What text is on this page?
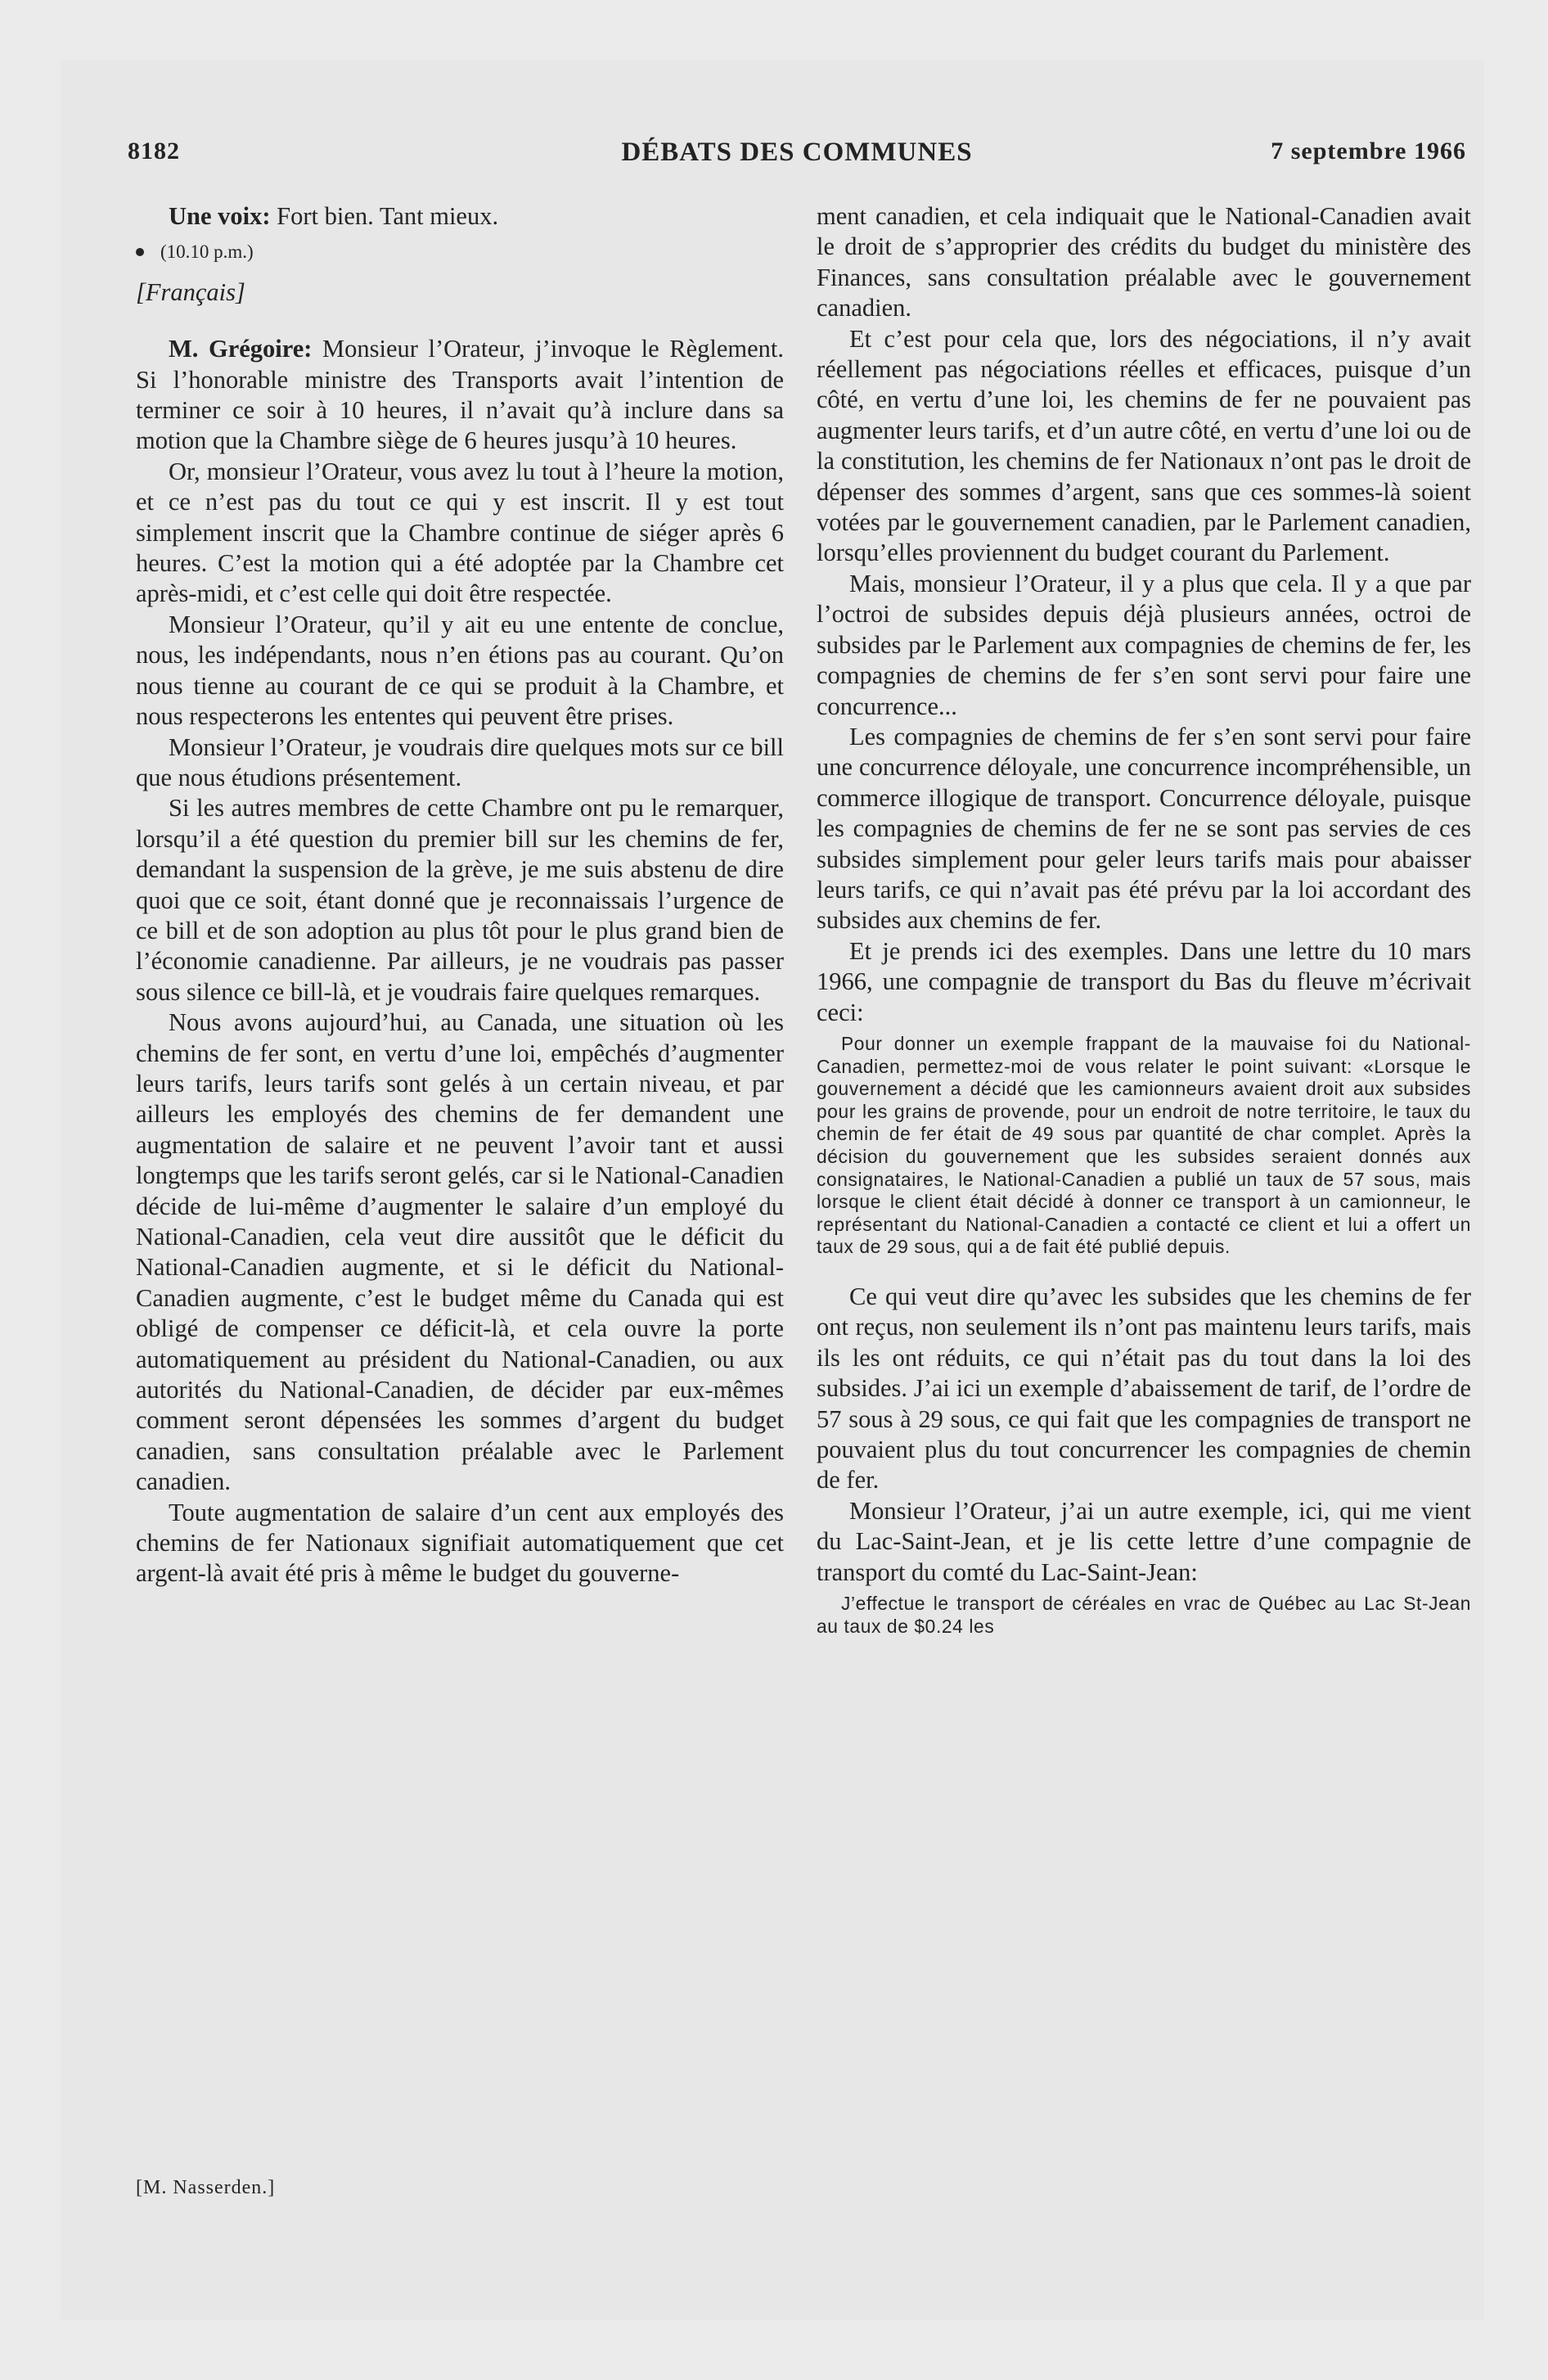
8182	DÉBATS DES COMMUNES	7 septembre 1966

Une voix: Fort bien. Tant mieux.

(10.10 p.m.)

[Français]

M. Grégoire: Monsieur l’Orateur, j’invoque le Règlement. Si l’honorable ministre des Transports avait l’intention de terminer ce soir à 10 heures, il n’avait qu’à inclure dans sa motion que la Chambre siège de 6 heures jusqu’à 10 heures.

Or, monsieur l’Orateur, vous avez lu tout à l’heure la motion, et ce n’est pas du tout ce qui y est inscrit. Il y est tout simplement inscrit que la Chambre continue de siéger après 6 heures. C’est la motion qui a été adoptée par la Chambre cet après-midi, et c’est celle qui doit être respectée.

Monsieur l’Orateur, qu’il y ait eu une entente de conclue, nous, les indépendants, nous n’en étions pas au courant. Qu’on nous tienne au courant de ce qui se produit à la Chambre, et nous respecterons les ententes qui peuvent être prises.

Monsieur l’Orateur, je voudrais dire quelques mots sur ce bill que nous étudions présentement.

Si les autres membres de cette Chambre ont pu le remarquer, lorsqu’il a été question du premier bill sur les chemins de fer, demandant la suspension de la grève, je me suis abstenu de dire quoi que ce soit, étant donné que je reconnaissais l’urgence de ce bill et de son adoption au plus tôt pour le plus grand bien de l’économie canadienne. Par ailleurs, je ne voudrais pas passer sous silence ce bill-là, et je voudrais faire quelques remarques.

Nous avons aujourd’hui, au Canada, une situation où les chemins de fer sont, en vertu d’une loi, empêchés d’augmenter leurs tarifs, leurs tarifs sont gelés à un certain niveau, et par ailleurs les employés des chemins de fer demandent une augmentation de salaire et ne peuvent l’avoir tant et aussi longtemps que les tarifs seront gelés, car si le National-Canadien décide de lui-même d’augmenter le salaire d’un employé du National-Canadien, cela veut dire aussitôt que le déficit du National-Canadien augmente, et si le déficit du National-Canadien augmente, c’est le budget même du Canada qui est obligé de compenser ce déficit-là, et cela ouvre la porte automatiquement au président du National-Canadien, ou aux autorités du National-Canadien, de décider par eux-mêmes comment seront dépensées les sommes d’argent du budget canadien, sans consultation préalable avec le Parlement canadien.

Toute augmentation de salaire d’un cent aux employés des chemins de fer Nationaux signifiait automatiquement que cet argent-là avait été pris à même le budget du gouverne-

[M. Nasserden.]

ment canadien, et cela indiquait que le National-Canadien avait le droit de s’approprier des crédits du budget du ministère des Finances, sans consultation préalable avec le gouvernement canadien.

Et c’est pour cela que, lors des négociations, il n’y avait réellement pas négociations réelles et efficaces, puisque d’un côté, en vertu d’une loi, les chemins de fer ne pouvaient pas augmenter leurs tarifs, et d’un autre côté, en vertu d’une loi ou de la constitution, les chemins de fer Nationaux n’ont pas le droit de dépenser des sommes d’argent, sans que ces sommes-là soient votées par le gouvernement canadien, par le Parlement canadien, lorsqu’elles proviennent du budget courant du Parlement.

Mais, monsieur l’Orateur, il y a plus que cela. Il y a que par l’octroi de subsides depuis déjà plusieurs années, octroi de subsides par le Parlement aux compagnies de chemins de fer, les compagnies de chemins de fer s’en sont servi pour faire une concurrence...

Les compagnies de chemins de fer s’en sont servi pour faire une concurrence déloyale, une concurrence incompréhensible, un commerce illogique de transport. Concurrence déloyale, puisque les compagnies de chemins de fer ne se sont pas servies de ces subsides simplement pour geler leurs tarifs mais pour abaisser leurs tarifs, ce qui n’avait pas été prévu par la loi accordant des subsides aux chemins de fer.

Et je prends ici des exemples. Dans une lettre du 10 mars 1966, une compagnie de transport du Bas du fleuve m’écrivait ceci:

Pour donner un exemple frappant de la mauvaise foi du National-Canadien, permettez-moi de vous relater le point suivant: «Lorsque le gouvernement a décidé que les camionneurs avaient droit aux subsides pour les grains de provende, pour un endroit de notre territoire, le taux du chemin de fer était de 49 sous par quantité de char complet. Après la décision du gouvernement que les subsides seraient donnés aux consignataires, le National-Canadien a publié un taux de 57 sous, mais lorsque le client était décidé à donner ce transport à un camionneur, le représentant du National-Canadien a contacté ce client et lui a offert un taux de 29 sous, qui a de fait été publié depuis.

Ce qui veut dire qu’avec les subsides que les chemins de fer ont reçus, non seulement ils n’ont pas maintenu leurs tarifs, mais ils les ont réduits, ce qui n’était pas du tout dans la loi des subsides. J’ai ici un exemple d’abaissement de tarif, de l’ordre de 57 sous à 29 sous, ce qui fait que les compagnies de transport ne pouvaient plus du tout concurrencer les compagnies de chemin de fer.

Monsieur l’Orateur, j’ai un autre exemple, ici, qui me vient du Lac-Saint-Jean, et je lis cette lettre d’une compagnie de transport du comté du Lac-Saint-Jean:

J’effectue le transport de céréales en vrac de Québec au Lac St-Jean au taux de $0.24 les
